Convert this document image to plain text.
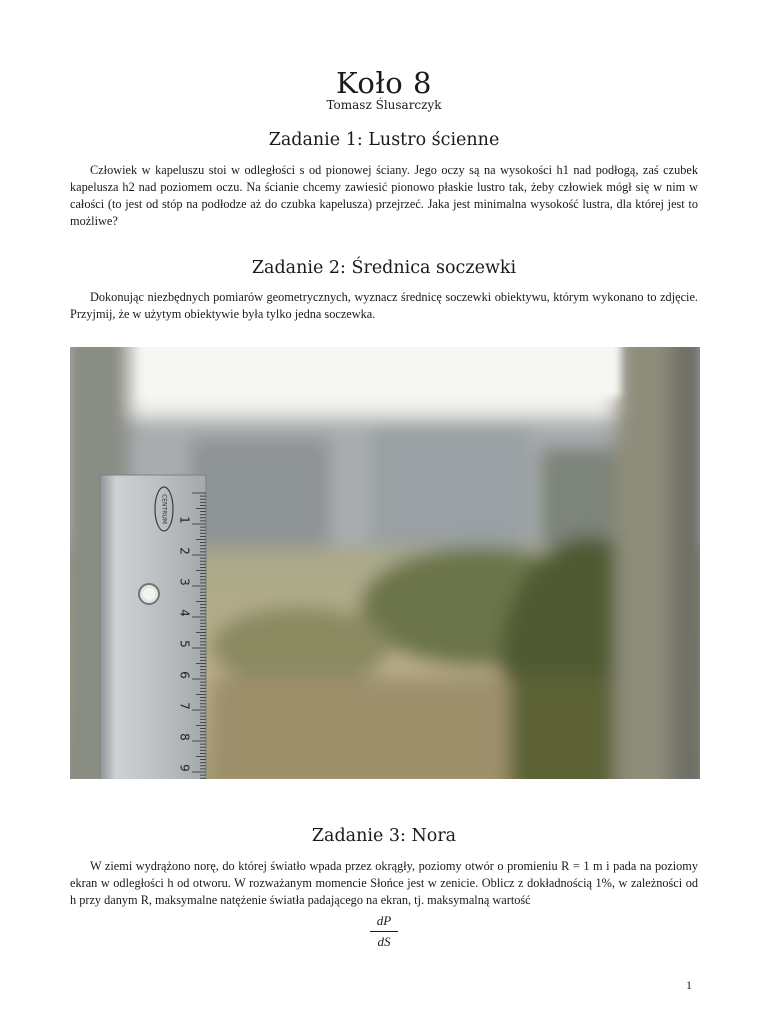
Koło 8
Tomasz Ślusarczyk
Zadanie 1: Lustro ścienne
Człowiek w kapeluszu stoi w odległości s od pionowej ściany. Jego oczy są na wysokości h1 nad podłogą, zaś czubek kapelusza h2 nad poziomem oczu. Na ścianie chcemy zawiesić pionowo płaskie lustro tak, żeby człowiek mógł się w nim w całości (to jest od stóp na podłodze aż do czubka kapelusza) przejrzeć. Jaka jest minimalna wysokość lustra, dla której jest to możliwe?
Zadanie 2: Średnica soczewki
Dokonując niezbędnych pomiarów geometrycznych, wyznacz średnicę soczewki obiektywu, którym wykonano to zdjęcie. Przyjmij, że w użytym obiektywie była tylko jedna soczewka.
CENTRUM 1
2
3
4
5
6
7
8
9
Zadanie 3: Nora
W ziemi wydrążono norę, do której światło wpada przez okrągły, poziomy otwór o promieniu R = 1 m i pada na poziomy ekran w odległości h od otworu. W rozważanym momencie Słońce jest w zenicie. Oblicz z dokładnością 1%, w zależności od h przy danym R, maksymalne natężenie światła padającego na ekran, tj. maksymalną wartość
dP
dS
1
